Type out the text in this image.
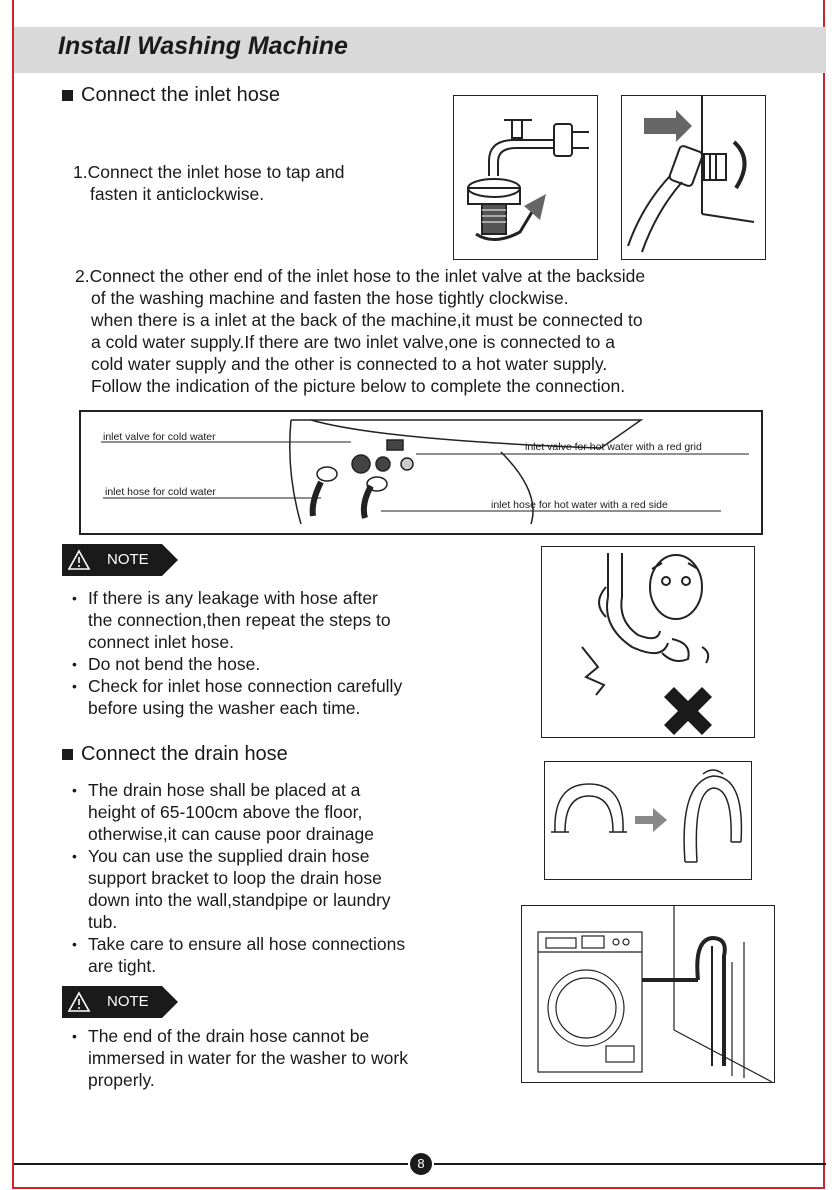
Install Washing Machine
Connect the inlet hose
1.Connect the inlet hose to tap and
fasten it anticlockwise.
2.Connect the other end of the inlet hose to the inlet valve at the backside
of the washing machine and fasten the hose tightly clockwise.
when there is a inlet at the back of the machine,it must be connected to
a cold water supply.If there are two inlet valve,one is connected to a
cold water supply and the other is connected to a hot water supply.
Follow the indication of the picture below to complete the connection.
inlet valve for cold water
inlet hose for cold water
inlet valve for hot water with a red grid
inlet hose for hot water with a red side
NOTE
• If there is any leakage with hose after
the connection,then repeat the steps to
connect inlet hose.
• Do not bend the hose.
• Check for inlet hose connection carefully
before using the washer each time.
Connect the drain hose
• The drain hose shall be placed at a
height of 65-100cm above the floor,
otherwise,it can cause poor drainage
• You can use the supplied drain hose
support bracket to loop the drain hose
down into the wall,standpipe or laundry
tub.
• Take care to ensure all hose connections
are tight.
NOTE
• The end of the drain hose cannot be
immersed in water for the washer to work
properly.
8
